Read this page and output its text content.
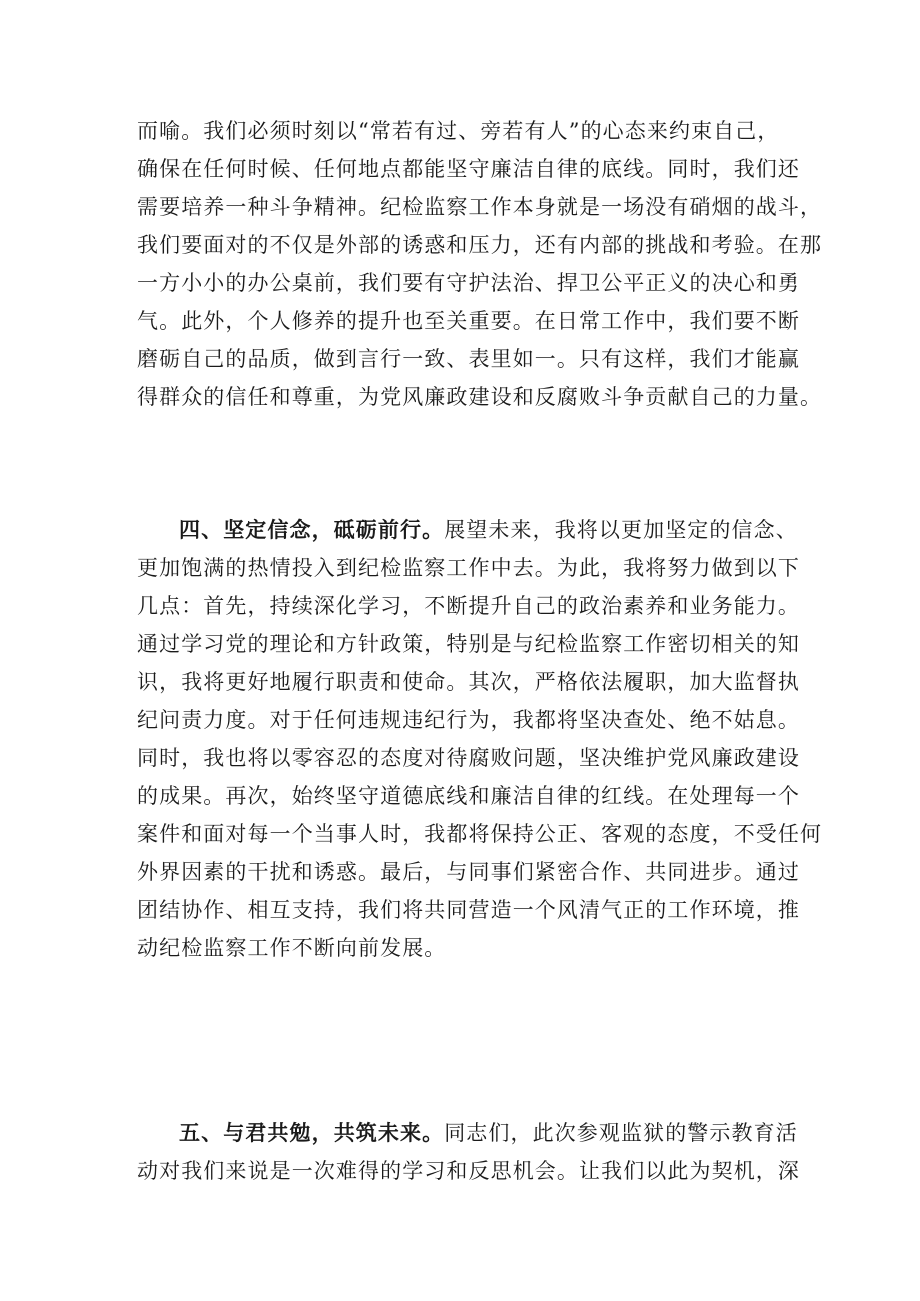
而喻。我们必须时刻以“常若有过、旁若有人”的心态来约束自己，
确保在任何时候、任何地点都能坚守廉洁自律的底线。同时，我们还
需要培养一种斗争精神。纪检监察工作本身就是一场没有硝烟的战斗，
我们要面对的不仅是外部的诱惑和压力，还有内部的挑战和考验。在那
一方小小的办公桌前，我们要有守护法治、捍卫公平正义的决心和勇
气。此外，个人修养的提升也至关重要。在日常工作中，我们要不断
磨砺自己的品质，做到言行一致、表里如一。只有这样，我们才能赢
得群众的信任和尊重，为党风廉政建设和反腐败斗争贡献自己的力量。
四、坚定信念，砥砺前行。展望未来，我将以更加坚定的信念、
更加饱满的热情投入到纪检监察工作中去。为此，我将努力做到以下
几点：首先，持续深化学习，不断提升自己的政治素养和业务能力。
通过学习党的理论和方针政策，特别是与纪检监察工作密切相关的知
识，我将更好地履行职责和使命。其次，严格依法履职，加大监督执
纪问责力度。对于任何违规违纪行为，我都将坚决查处、绝不姑息。
同时，我也将以零容忍的态度对待腐败问题，坚决维护党风廉政建设
的成果。再次，始终坚守道德底线和廉洁自律的红线。在处理每一个
案件和面对每一个当事人时，我都将保持公正、客观的态度，不受任何
外界因素的干扰和诱惑。最后，与同事们紧密合作、共同进步。通过
团结协作、相互支持，我们将共同营造一个风清气正的工作环境，推
动纪检监察工作不断向前发展。
五、与君共勉，共筑未来。同志们，此次参观监狱的警示教育活
动对我们来说是一次难得的学习和反思机会。让我们以此为契机，深
